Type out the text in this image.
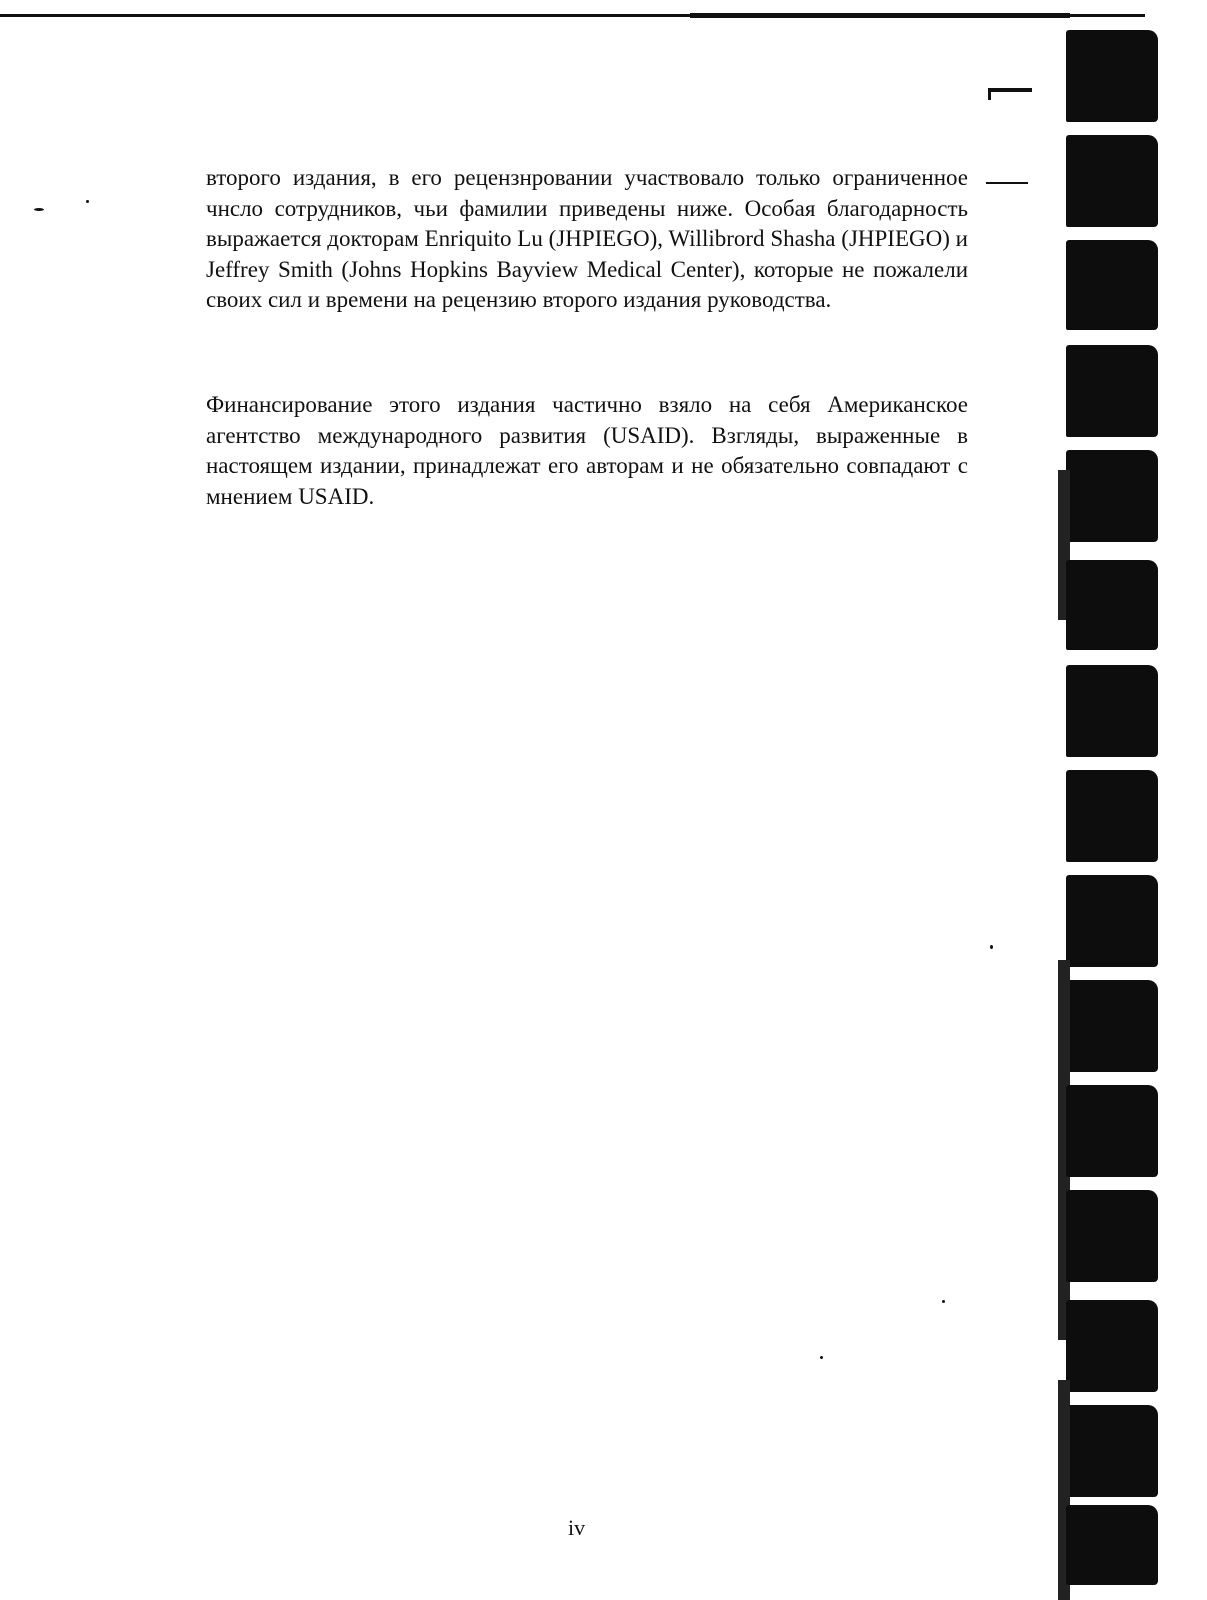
второго издания, в его рецензнровании участвовало только ограниченное чнсло сотрудников, чьи фамилии приведены ниже. Особая благодарность выражается докторам Enriquito Lu (JHPIEGO), Willibrord Shasha (JHPIEGO) и Jeffrey Smith (Johns Hopkins Bayview Medical Center), которые не пожалели своих сил и времени на рецензию второго издания руководства.

Финансирование этого издания частично взяло на себя Американское агентство международного развития (USAID). Взгляды, выраженные в настоящем издании, принадлежат его авторам и не обязательно совпадают с мнением USAID.

iv
